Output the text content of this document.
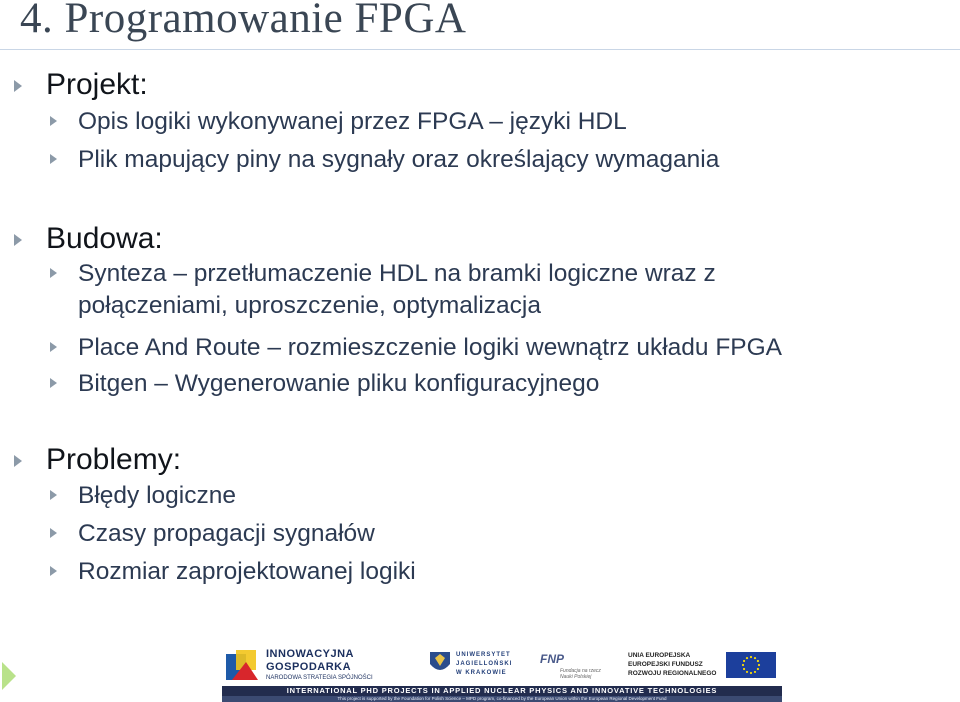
4. Programowanie FPGA
Projekt:
Opis logiki wykonywanej przez FPGA – języki HDL
Plik mapujący piny na sygnały oraz określający wymagania
Budowa:
Synteza – przetłumaczenie HDL na bramki logiczne wraz z
połączeniami, uproszczenie, optymalizacja
Place And Route – rozmieszczenie logiki wewnątrz układu FPGA
Bitgen – Wygenerowanie pliku konfiguracyjnego
Problemy:
Błędy logiczne
Czasy propagacji sygnałów
Rozmiar zaprojektowanej logiki
INNOWACYJNA
GOSPODARKA
NARODOWA STRATEGIA SPÓJNOŚCI
UNIWERSYTET
JAGIELLOŃSKI
W KRAKOWIE
FNP
Fundacja na rzecz
Nauki Polskiej
UNIA EUROPEJSKA
EUROPEJSKI FUNDUSZ
ROZWOJU REGIONALNEGO
INTERNATIONAL PHD PROJECTS IN APPLIED NUCLEAR PHYSICS AND INNOVATIVE TECHNOLOGIES
This project is supported by the Foundation for Polish Science – MPD program, co-financed by the European Union within the European Regional Development Fund
